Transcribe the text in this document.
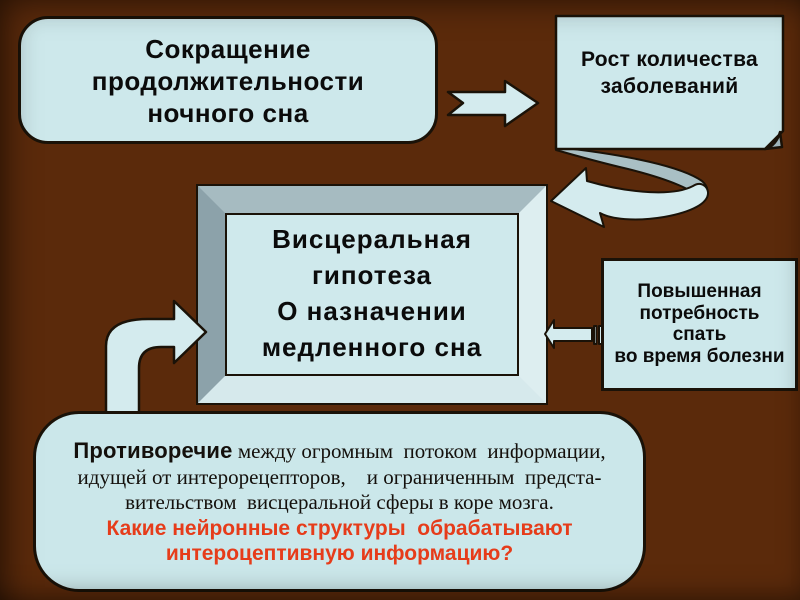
Сокращение
продолжительности
ночного сна
Рост количества
заболеваний
Висцеральная
гипотеза
О назначении
медленного сна
Повышенная
потребность
спать
во время болезни
Противоречие между огромным  потоком  информации,
идущей от интерорецепторов,    и ограниченным  предста-
вительством  висцеральной сферы в коре мозга.
Какие нейронные структуры  обрабатывают
интероцептивную информацию?
